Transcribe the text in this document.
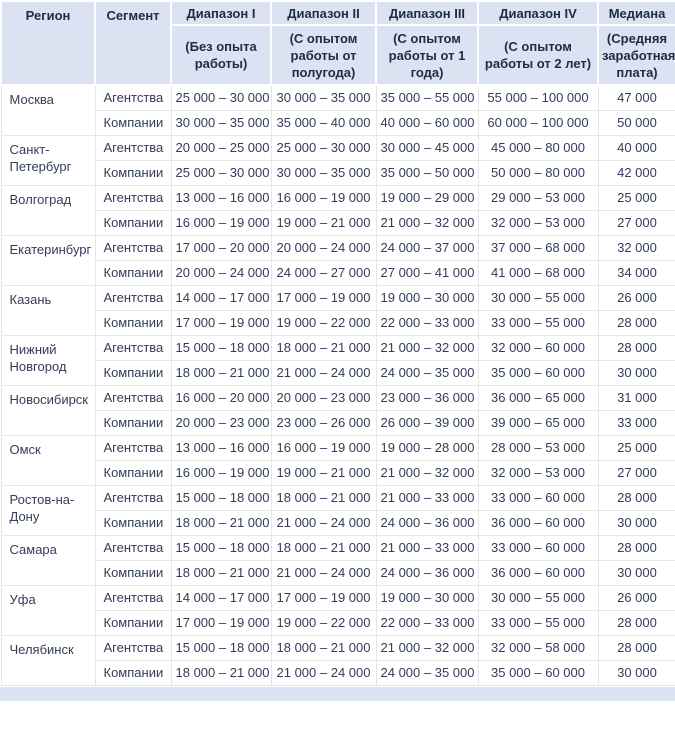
Регион	Сегмент	Диапазон I	Диапазон II	Диапазон III	Диапазон IV	Медиана
		(Без опыта работы)	(С опытом работы от полугода)	(С опытом работы от 1 года)	(С опытом работы от 2 лет)	(Средняя заработная плата)
Москва	Агентства	25 000 – 30 000	30 000 – 35 000	35 000 – 55 000	55 000 – 100 000	47 000
	Компании	30 000 – 35 000	35 000 – 40 000	40 000 – 60 000	60 000 – 100 000	50 000
Санкт-Петербург	Агентства	20 000 – 25 000	25 000 – 30 000	30 000 – 45 000	45 000 – 80 000	40 000
	Компании	25 000 – 30 000	30 000 – 35 000	35 000 – 50 000	50 000 – 80 000	42 000
Волгоград	Агентства	13 000 – 16 000	16 000 – 19 000	19 000 – 29 000	29 000 – 53 000	25 000
	Компании	16 000 – 19 000	19 000 – 21 000	21 000 – 32 000	32 000 – 53 000	27 000
Екатеринбург	Агентства	17 000 – 20 000	20 000 – 24 000	24 000 – 37 000	37 000 – 68 000	32 000
	Компании	20 000 – 24 000	24 000 – 27 000	27 000 – 41 000	41 000 – 68 000	34 000
Казань	Агентства	14 000 – 17 000	17 000 – 19 000	19 000 – 30 000	30 000 – 55 000	26 000
	Компании	17 000 – 19 000	19 000 – 22 000	22 000 – 33 000	33 000 – 55 000	28 000
Нижний Новгород	Агентства	15 000 – 18 000	18 000 – 21 000	21 000 – 32 000	32 000 – 60 000	28 000
	Компании	18 000 – 21 000	21 000 – 24 000	24 000 – 35 000	35 000 – 60 000	30 000
Новосибирск	Агентства	16 000 – 20 000	20 000 – 23 000	23 000 – 36 000	36 000 – 65 000	31 000
	Компании	20 000 – 23 000	23 000 – 26 000	26 000 – 39 000	39 000 – 65 000	33 000
Омск	Агентства	13 000 – 16 000	16 000 – 19 000	19 000 – 28 000	28 000 – 53 000	25 000
	Компании	16 000 – 19 000	19 000 – 21 000	21 000 – 32 000	32 000 – 53 000	27 000
Ростов-на-Дону	Агентства	15 000 – 18 000	18 000 – 21 000	21 000 – 33 000	33 000 – 60 000	28 000
	Компании	18 000 – 21 000	21 000 – 24 000	24 000 – 36 000	36 000 – 60 000	30 000
Самара	Агентства	15 000 – 18 000	18 000 – 21 000	21 000 – 33 000	33 000 – 60 000	28 000
	Компании	18 000 – 21 000	21 000 – 24 000	24 000 – 36 000	36 000 – 60 000	30 000
Уфа	Агентства	14 000 – 17 000	17 000 – 19 000	19 000 – 30 000	30 000 – 55 000	26 000
	Компании	17 000 – 19 000	19 000 – 22 000	22 000 – 33 000	33 000 – 55 000	28 000
Челябинск	Агентства	15 000 – 18 000	18 000 – 21 000	21 000 – 32 000	32 000 – 58 000	28 000
	Компании	18 000 – 21 000	21 000 – 24 000	24 000 – 35 000	35 000 – 60 000	30 000
